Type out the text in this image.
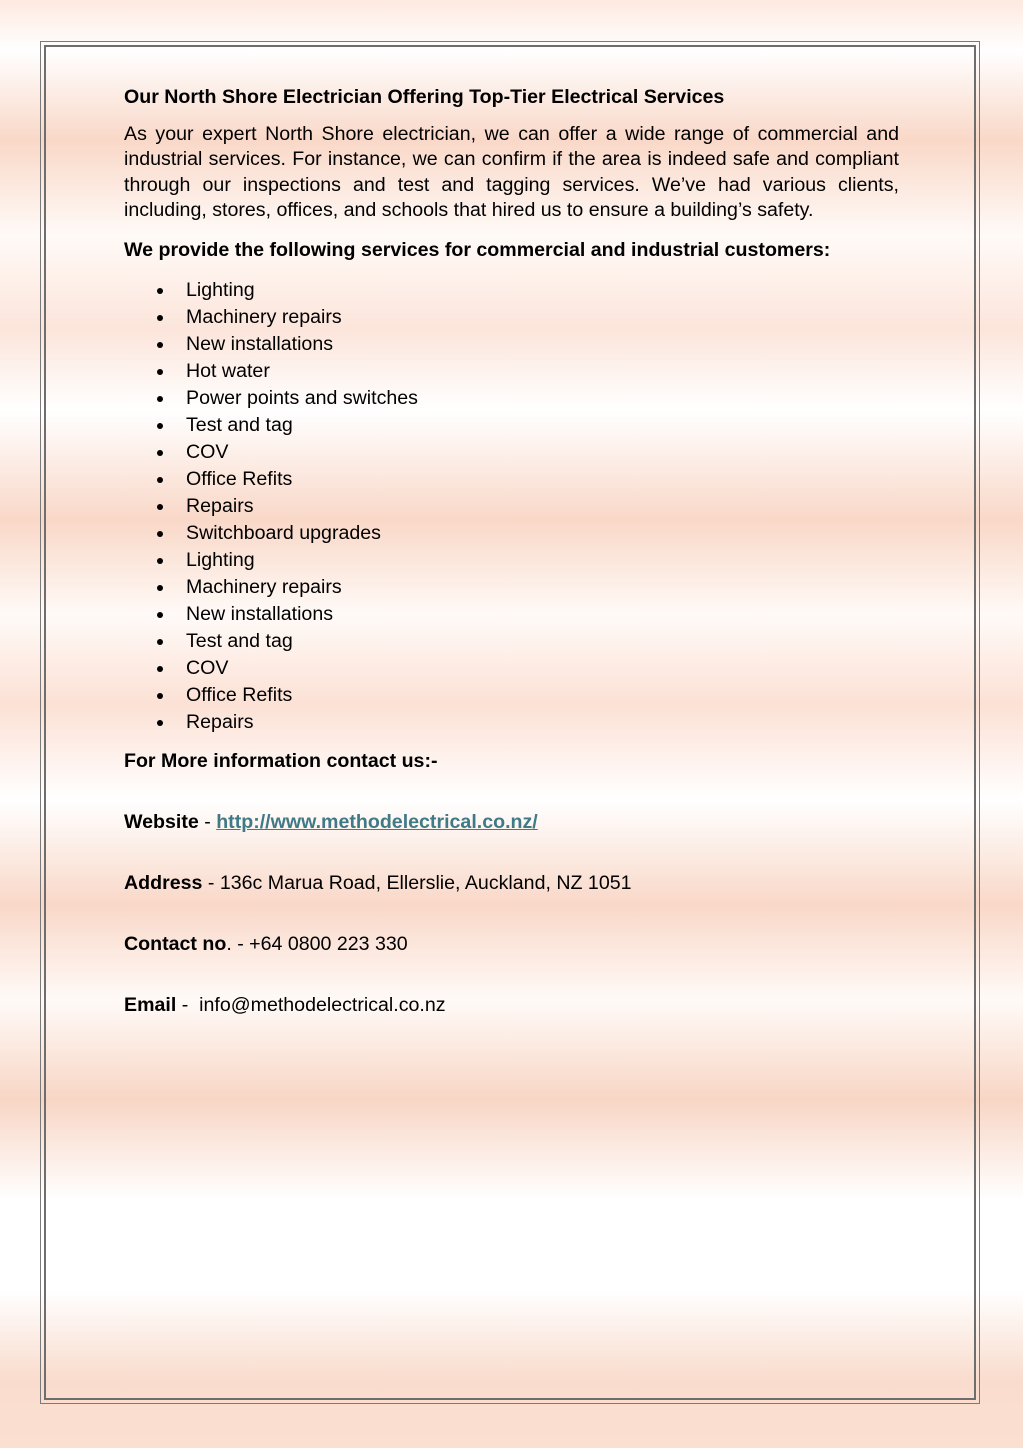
Our North Shore Electrician Offering Top-Tier Electrical Services

As your expert North Shore electrician, we can offer a wide range of commercial and industrial services. For instance, we can confirm if the area is indeed safe and compliant through our inspections and test and tagging services. We’ve had various clients, including, stores, offices, and schools that hired us to ensure a building’s safety.

We provide the following services for commercial and industrial customers:

Lighting
Machinery repairs
New installations
Hot water
Power points and switches
Test and tag
COV
Office Refits
Repairs
Switchboard upgrades
Lighting
Machinery repairs
New installations
Test and tag
COV
Office Refits
Repairs

For More information contact us:-

Website - http://www.methodelectrical.co.nz/

Address - 136c Marua Road, Ellerslie, Auckland, NZ 1051

Contact no. - +64 0800 223 330

Email -  info@methodelectrical.co.nz
